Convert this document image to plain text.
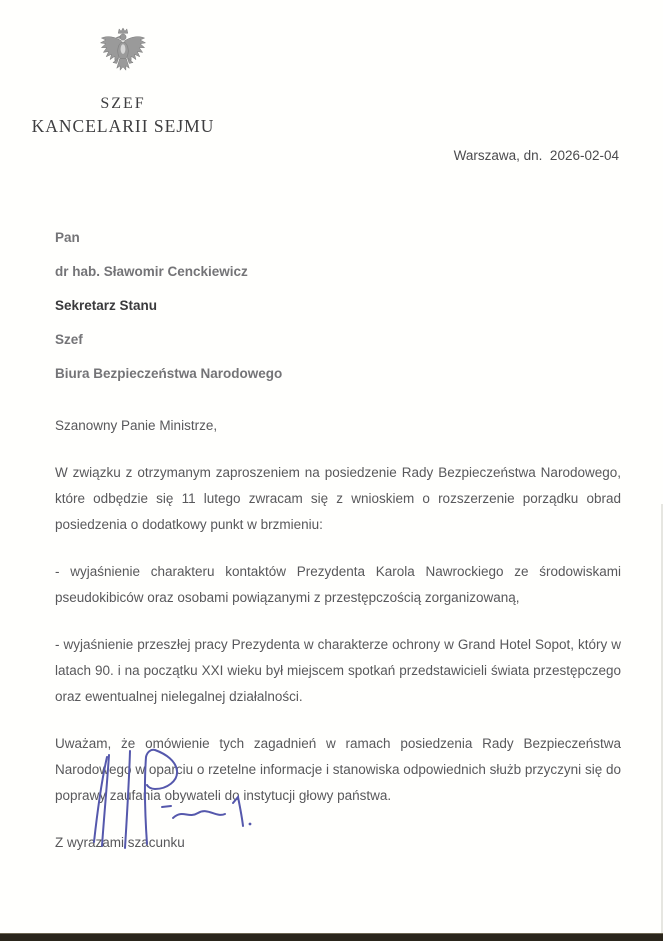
SZEF
KANCELARII SEJMU
Warszawa, dn.  2026-02-04
Pan
dr hab. Sławomir Cenckiewicz
Sekretarz Stanu
Szef
Biura Bezpieczeństwa Narodowego

Szanowny Panie Ministrze,

W związku z otrzymanym zaproszeniem na posiedzenie Rady Bezpieczeństwa Narodowego, które odbędzie się 11 lutego zwracam się z wnioskiem o rozszerzenie porządku obrad posiedzenia o dodatkowy punkt w brzmieniu:

- wyjaśnienie charakteru kontaktów Prezydenta Karola Nawrockiego ze środowiskami pseudokibiców oraz osobami powiązanymi z przestępczością zorganizowaną,

- wyjaśnienie przeszłej pracy Prezydenta w charakterze ochrony w Grand Hotel Sopot, który w latach 90. i na początku XXI wieku był miejscem spotkań przedstawicieli świata przestępczego oraz ewentualnej nielegalnej działalności.

Uważam, że omówienie tych zagadnień w ramach posiedzenia Rady Bezpieczeństwa Narodowego w oparciu o rzetelne informacje i stanowiska odpowiednich służb przyczyni się do poprawy zaufania obywateli do instytucji głowy państwa.

Z wyrazami szacunku
